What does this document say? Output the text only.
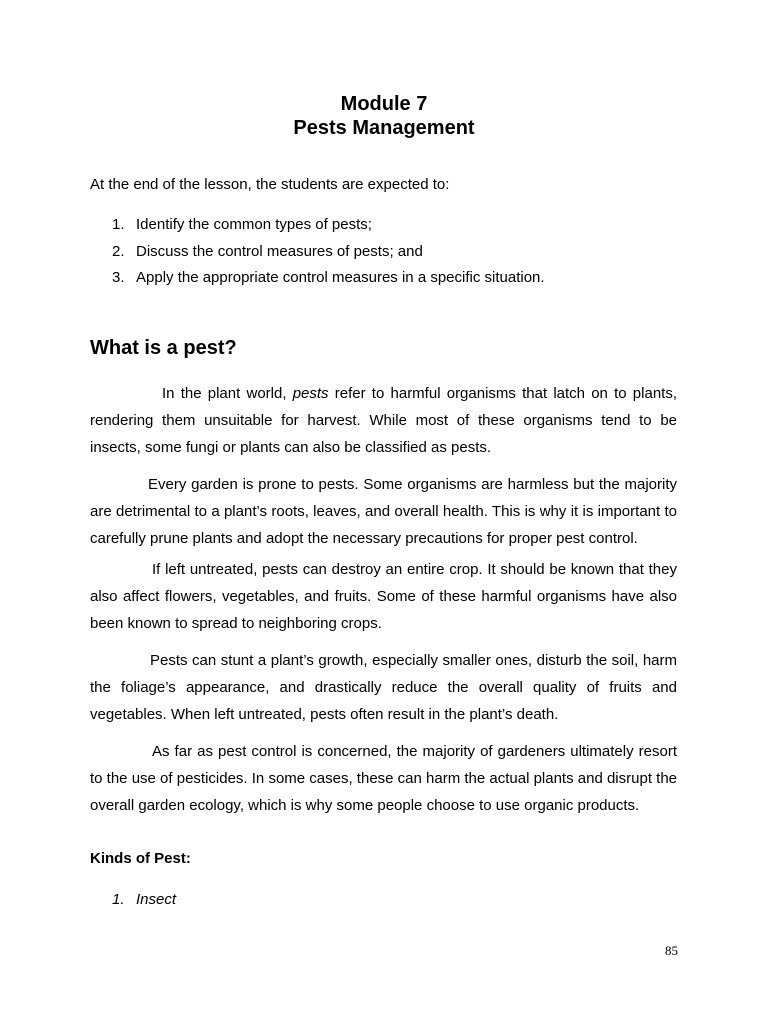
Module 7
Pests Management
At the end of the lesson, the students are expected to:
1. Identify the common types of pests;
2. Discuss the control measures of pests; and
3. Apply the appropriate control measures in a specific situation.
What is a pest?

In the plant world, pests refer to harmful organisms that latch on to plants, rendering them unsuitable for harvest. While most of these organisms tend to be insects, some fungi or plants can also be classified as pests.

Every garden is prone to pests. Some organisms are harmless but the majority are detrimental to a plant’s roots, leaves, and overall health. This is why it is important to carefully prune plants and adopt the necessary precautions for proper pest control.

If left untreated, pests can destroy an entire crop. It should be known that they also affect flowers, vegetables, and fruits. Some of these harmful organisms have also been known to spread to neighboring crops.

Pests can stunt a plant’s growth, especially smaller ones, disturb the soil, harm the foliage’s appearance, and drastically reduce the overall quality of fruits and vegetables. When left untreated, pests often result in the plant’s death.

As far as pest control is concerned, the majority of gardeners ultimately resort to the use of pesticides. In some cases, these can harm the actual plants and disrupt the overall garden ecology, which is why some people choose to use organic products.

Kinds of Pest:
1. Insect
85
